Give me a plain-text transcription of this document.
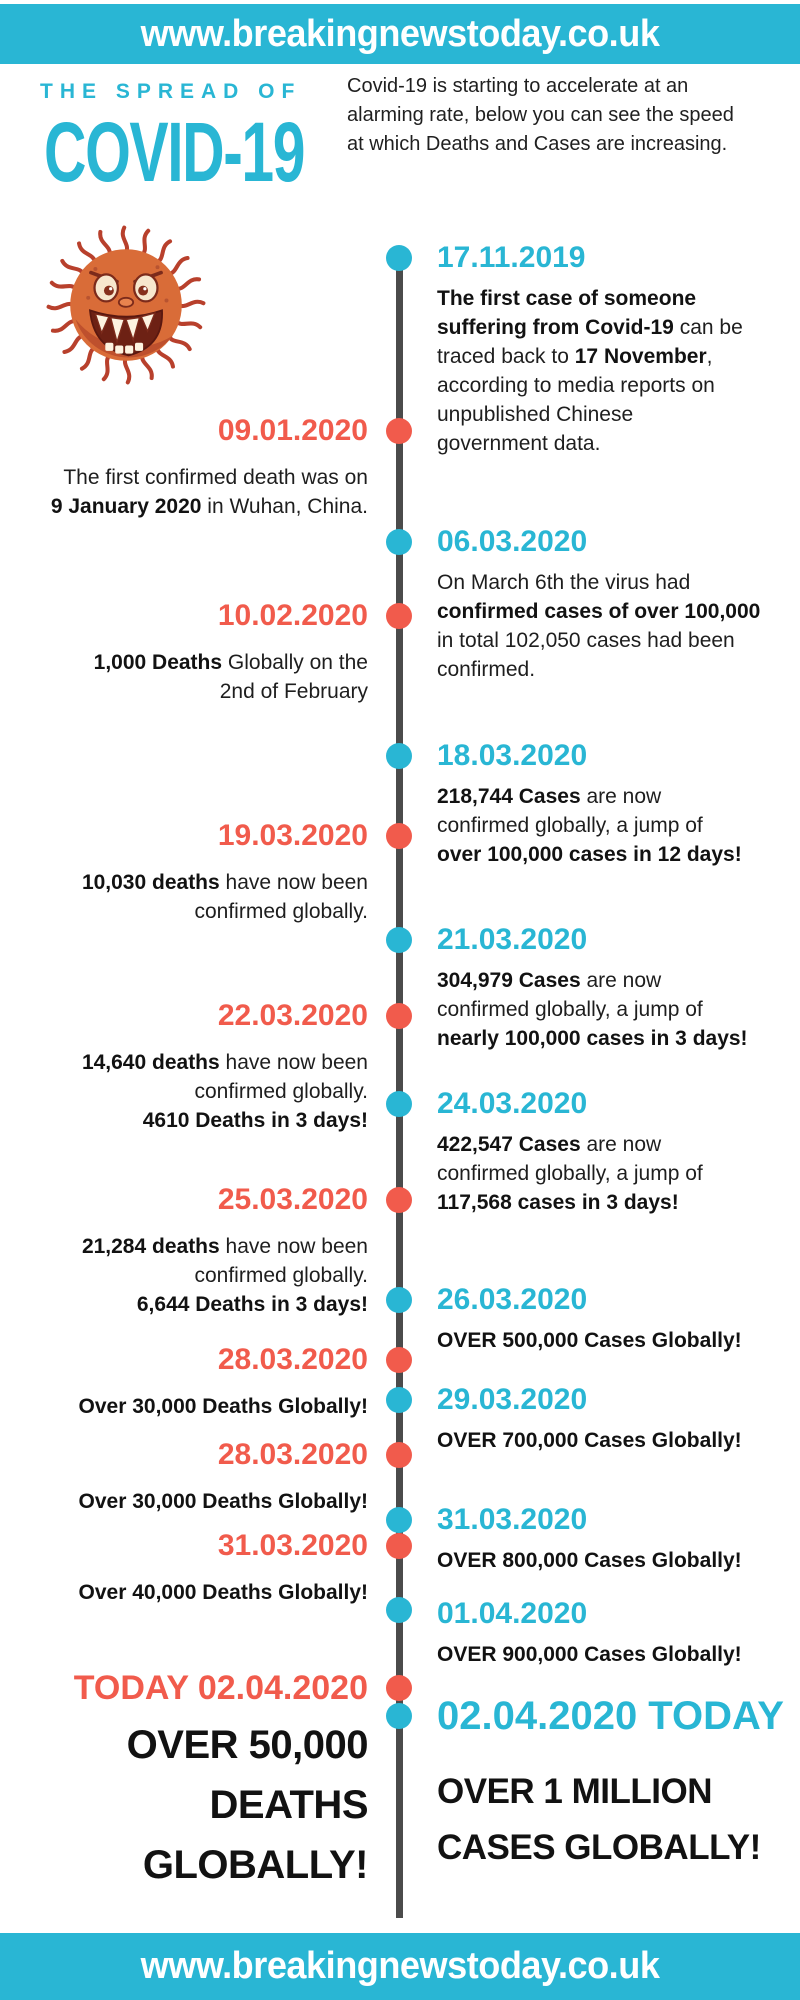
www.breakingnewstoday.co.uk
THE SPREAD OF
COVID-19

Covid-19 is starting to accelerate at an
alarming rate, below you can see the speed
at which Deaths and Cases are increasing.

17.11.2019

The first case of someone
suffering from Covid-19 can be
traced back to 17 November,
according to media reports on
unpublished Chinese
government data.

09.01.2020

The first confirmed death was on
9 January 2020 in Wuhan, China.

06.03.2020

On March 6th the virus had
confirmed cases of over 100,000
in total 102,050 cases had been
confirmed.

10.02.2020

1,000 Deaths Globally on the
2nd of February

18.03.2020

218,744 Cases are now
confirmed globally, a jump of
over 100,000 cases in 12 days!

19.03.2020

10,030 deaths have now been
confirmed globally.

21.03.2020

304,979 Cases are now
confirmed globally, a jump of
nearly 100,000 cases in 3 days!

22.03.2020

14,640 deaths have now been
confirmed globally.
4610 Deaths in 3 days!

24.03.2020

422,547 Cases are now
confirmed globally, a jump of
117,568 cases in 3 days!

25.03.2020

21,284 deaths have now been
confirmed globally.
6,644 Deaths in 3 days! 26.03.2020

OVER 500,000 Cases Globally!

28.03.2020

Over 30,000 Deaths Globally! 29.03.2020

OVER 700,000 Cases Globally!

28.03.2020

Over 30,000 Deaths Globally!

31.03.2020

OVER 800,000 Cases Globally!

31.03.2020

Over 40,000 Deaths Globally!

01.04.2020

OVER 900,000 Cases Globally!

TODAY 02.04.2020

OVER 50,000
DEATHS
GLOBALLY!

02.04.2020 TODAY

OVER 1 MILLION
CASES GLOBALLY!

www.breakingnewstoday.co.uk
